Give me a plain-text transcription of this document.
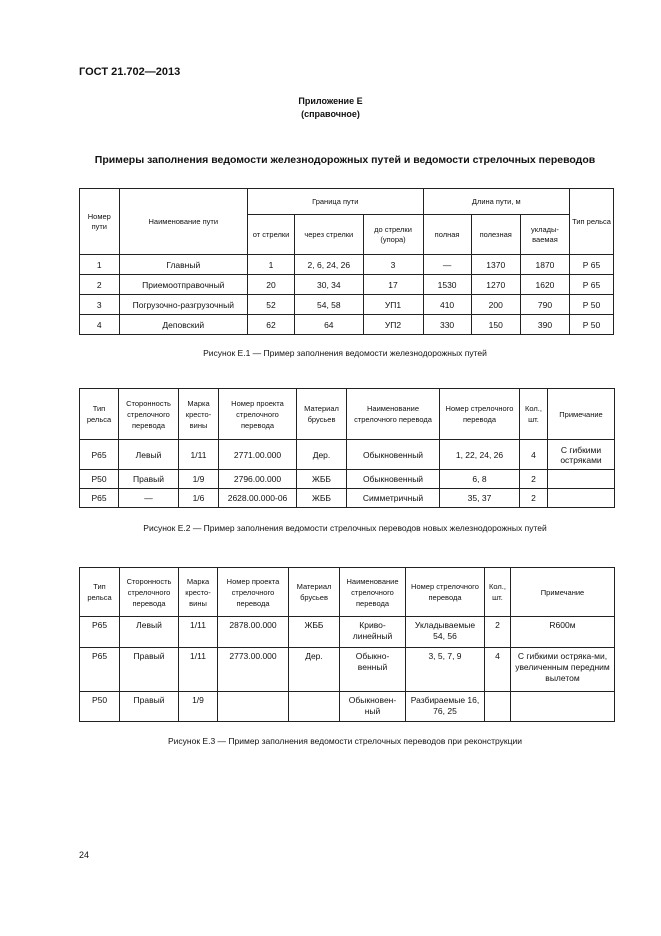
ГОСТ 21.702—2013
Приложение Е
(справочное)
Примеры заполнения ведомости железнодорожных путей и ведомости стрелочных переводов
Номер пути	Наименование пути	Граница пути			Длина пути, м			Тип рельса
		от стрелки	через стрелки	до стрелки (упора)	полная	полезная	уклады-ваемая	
1	Главный	1	2, 6, 24, 26	3	—	1370	1870	Р 65
2	Приемоотправочный	20	30, 34	17	1530	1270	1620	Р 65
3	Погрузочно-разгрузочный	52	54, 58	УП1	410	200	790	Р 50
4	Деповский	62	64	УП2	330	150	390	Р 50
Рисунок Е.1 — Пример заполнения ведомости железнодорожных путей
Тип рельса	Сторонность стрелочного перевода	Марка кресто-вины	Номер проекта стрелочного перевода	Материал брусьев	Наименование стрелочного перевода	Номер стрелочного перевода	Кол., шт.	Примечание
Р65	Левый	1/11	2771.00.000	Дер.	Обыкновенный	1, 22, 24, 26	4	С гибкими остряками
Р50	Правый	1/9	2796.00.000	ЖББ	Обыкновенный	6, 8	2	
Р65	—	1/6	2628.00.000-06	ЖББ	Симметричный	35, 37	2	
Рисунок Е.2 — Пример заполнения ведомости стрелочных переводов новых железнодорожных путей
Тип рельса	Сторонность стрелочного перевода	Марка кресто-вины	Номер проекта стрелочного перевода	Материал брусьев	Наименование стрелочного перевода	Номер стрелочного перевода	Кол., шт.	Примечание
Р65	Левый	1/11	2878.00.000	ЖББ	Криво-линейный	Укладываемые 54, 56	2	R600м
Р65	Правый	1/11	2773.00.000	Дер.	Обыкно-венный	3, 5, 7, 9	4	С гибкими остряка-ми, увеличенным передним вылетом
Р50	Правый	1/9			Обыкновен-ный	Разбираемые 16, 76, 25		
Рисунок Е.3 — Пример заполнения ведомости стрелочных переводов при реконструкции
24
